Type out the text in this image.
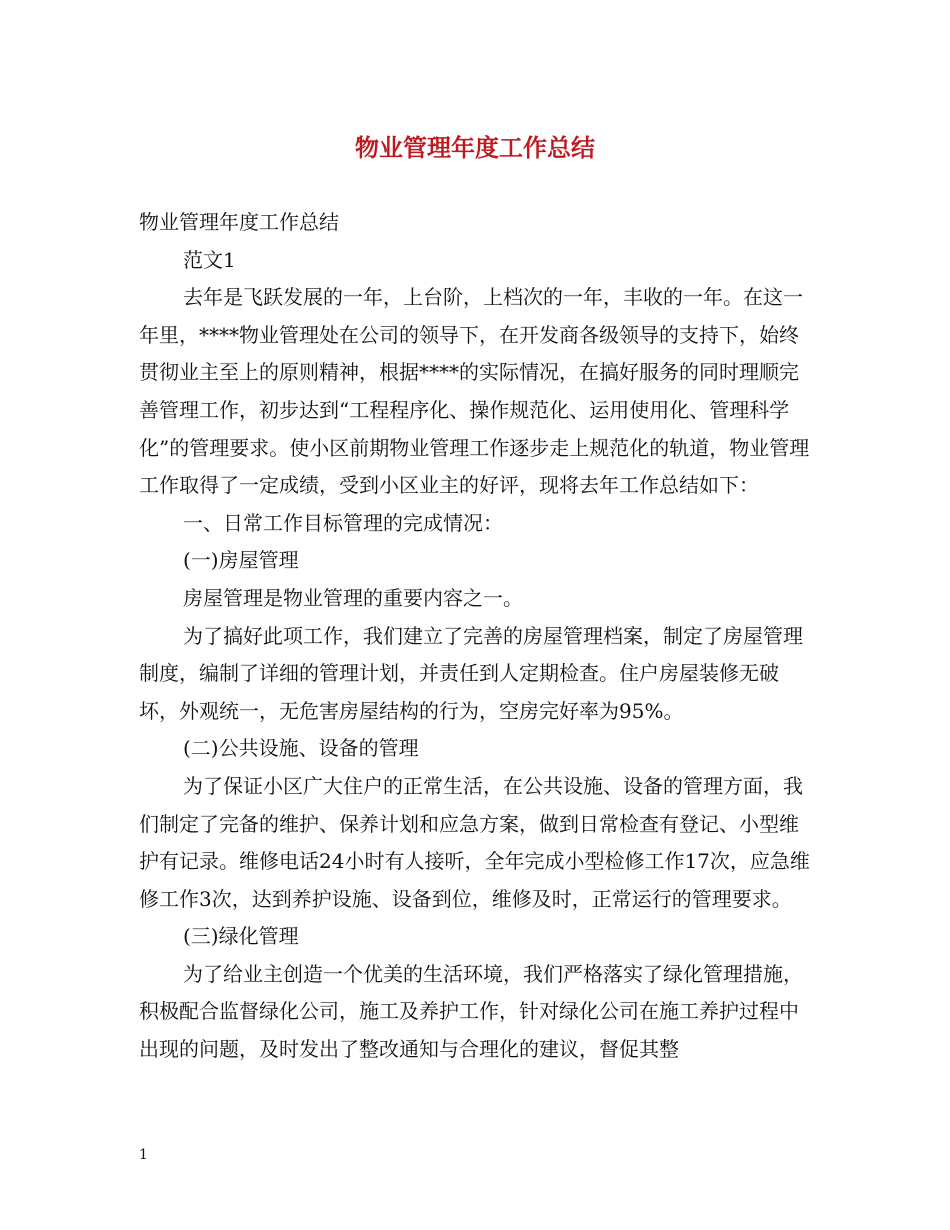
物业管理年度工作总结

物业管理年度工作总结

范文1

去年是飞跃发展的一年，上台阶，上档次的一年，丰收的一年。在这一年里，****物业管理处在公司的领导下，在开发商各级领导的支持下，始终贯彻业主至上的原则精神，根据****的实际情况，在搞好服务的同时理顺完善管理工作，初步达到“工程程序化、操作规范化、运用使用化、管理科学化”的管理要求。使小区前期物业管理工作逐步走上规范化的轨道，物业管理工作取得了一定成绩，受到小区业主的好评，现将去年工作总结如下：

一、日常工作目标管理的完成情况：

(一)房屋管理

房屋管理是物业管理的重要内容之一。

为了搞好此项工作，我们建立了完善的房屋管理档案，制定了房屋管理制度，编制了详细的管理计划，并责任到人定期检查。住户房屋装修无破坏，外观统一，无危害房屋结构的行为，空房完好率为95%。

(二)公共设施、设备的管理

为了保证小区广大住户的正常生活，在公共设施、设备的管理方面，我们制定了完备的维护、保养计划和应急方案，做到日常检查有登记、小型维护有记录。维修电话24小时有人接听，全年完成小型检修工作17次，应急维修工作3次，达到养护设施、设备到位，维修及时，正常运行的管理要求。

(三)绿化管理

为了给业主创造一个优美的生活环境，我们严格落实了绿化管理措施，积极配合监督绿化公司，施工及养护工作，针对绿化公司在施工养护过程中出现的问题，及时发出了整改通知与合理化的建议，督促其整

1
